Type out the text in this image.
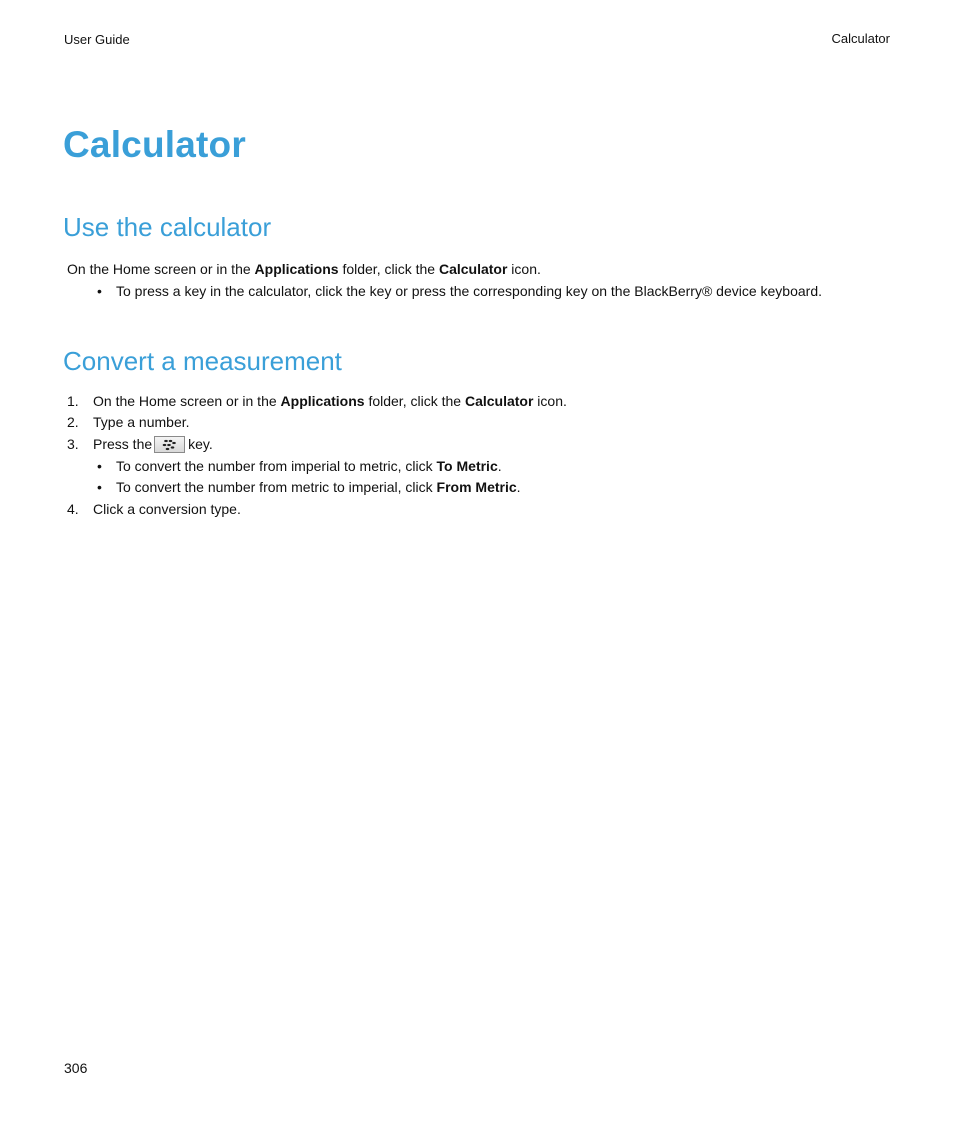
User Guide	Calculator
Calculator
Use the calculator
On the Home screen or in the Applications folder, click the Calculator icon.
• To press a key in the calculator, click the key or press the corresponding key on the BlackBerry® device keyboard.
Convert a measurement
1. On the Home screen or in the Applications folder, click the Calculator icon.
2. Type a number.
3. Press the	key.
• To convert the number from imperial to metric, click To Metric.
• To convert the number from metric to imperial, click From Metric.
4. Click a conversion type.
306
